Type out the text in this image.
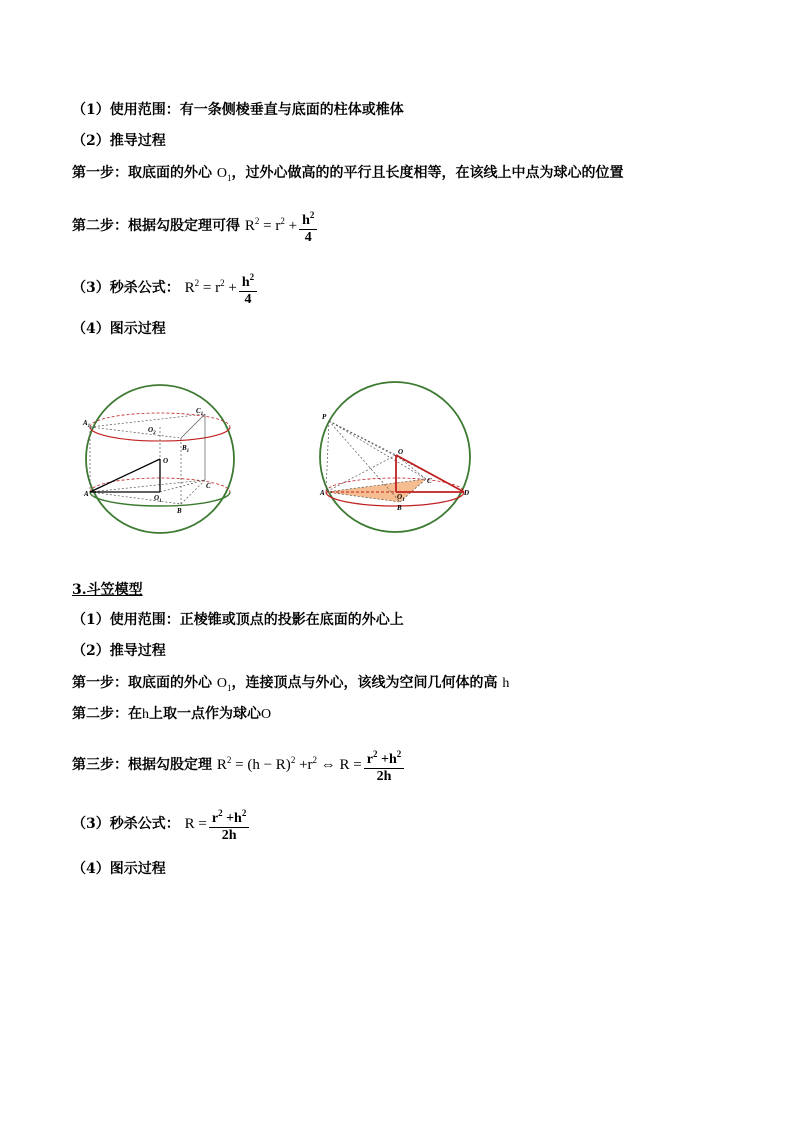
（1）使用范围：有一条侧棱垂直与底面的柱体或椎体
（2）推导过程
第一步：取底面的外心 $O_1$，过外心做高的的平行且长度相等，在该线上中点为球心的位置
第二步：根据勾股定理可得 $R^2 = r^2 + \frac{h^2}{4}$
（3）秒杀公式： $R^2 = r^2 + \frac{h^2}{4}$
（4）图示过程
$A_1$
$C_1$
$O_2$
$B_1$
O
A	$O_1$
C
B
P
O
C
A	$O_1$
D
B
3.斗笠模型
（1）使用范围：正棱锥或顶点的投影在底面的外心上
（2）推导过程
第一步：取底面的外心 $O_1$，连接顶点与外心，该线为空间几何体的高 h
第二步：在h上取一点作为球心O
第三步：根据勾股定理 $R^2 = (h - R)^2 +r^2$ ⇔ $R = \frac{r^2 +h^2}{2h}$
（3）秒杀公式： $R = \frac{r^2 +h^2}{2h}$
（4）图示过程
